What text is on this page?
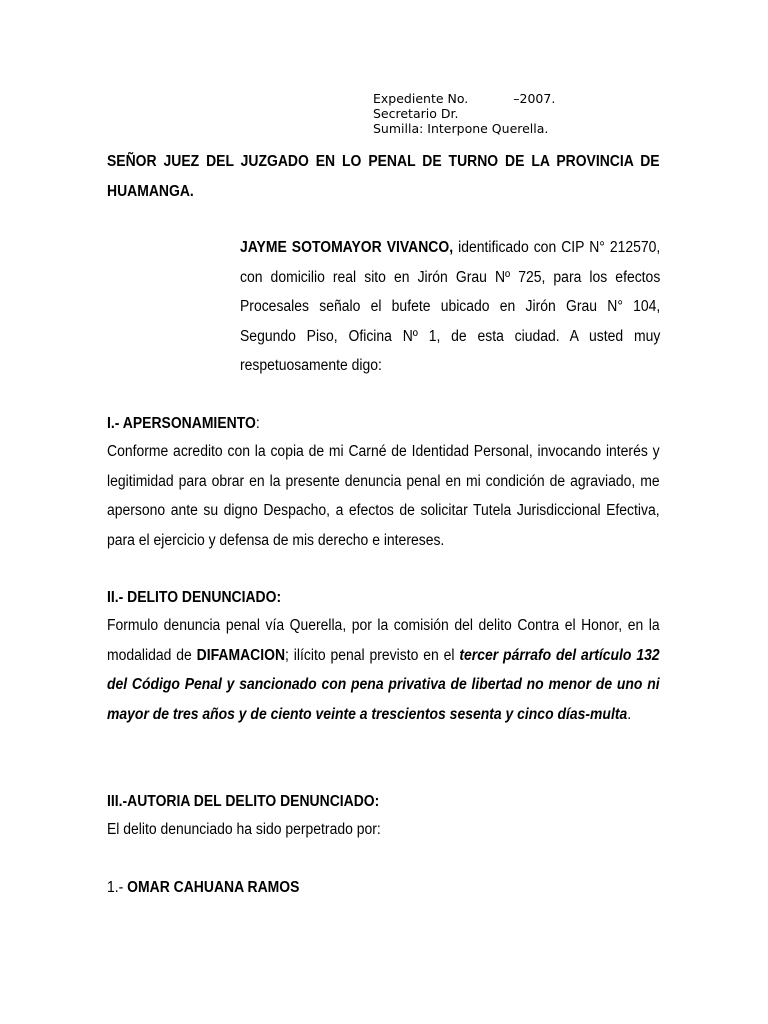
Expediente No.	–2007.
Secretario Dr.
Sumilla: Interpone Querella.
SEÑOR JUEZ DEL JUZGADO EN LO PENAL DE TURNO DE LA PROVINCIA DE HUAMANGA.
JAYME SOTOMAYOR VIVANCO, identificado con CIP N° 212570, con domicilio real sito en Jirón Grau Nº 725, para los efectos Procesales señalo el bufete ubicado en Jirón Grau N° 104, Segundo Piso, Oficina Nº 1, de esta ciudad. A usted muy respetuosamente digo:
I.- APERSONAMIENTO:
Conforme acredito con la copia de mi Carné de Identidad Personal, invocando interés y legitimidad para obrar en la presente denuncia penal en mi condición de agraviado, me apersono ante su digno Despacho, a efectos de solicitar Tutela Jurisdiccional Efectiva, para el ejercicio y defensa de mis derecho e intereses.
II.- DELITO DENUNCIADO:
Formulo denuncia penal vía Querella, por la comisión del delito Contra el Honor, en la modalidad de DIFAMACION; ilícito penal previsto en el tercer párrafo del artículo 132 del Código Penal y sancionado con pena privativa de libertad no menor de uno ni mayor de tres años y de ciento veinte a trescientos sesenta y cinco días-multa.
III.-AUTORIA DEL DELITO DENUNCIADO:
El delito denunciado ha sido perpetrado por:
1.- OMAR CAHUANA RAMOS
